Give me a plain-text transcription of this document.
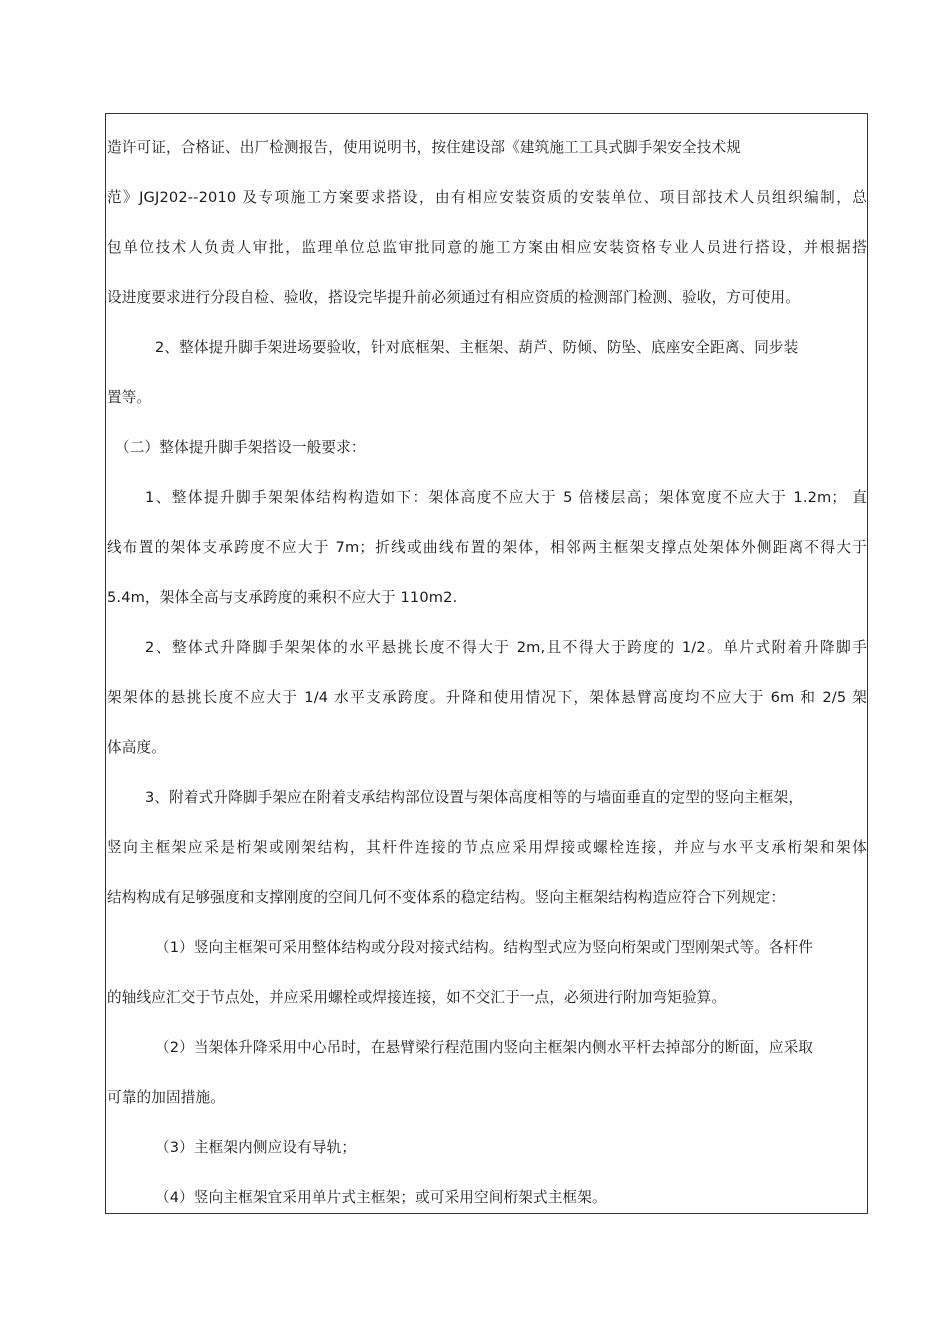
造许可证，合格证、出厂检测报告，使用说明书，按住建设部《建筑施工工具式脚手架安全技术规
范》JGJ202--2010 及专项施工方案要求搭设，由有相应安装资质的安装单位、项目部技术人员组织编制，总
包单位技术人负责人审批，监理单位总监审批同意的施工方案由相应安装资格专业人员进行搭设，并根据搭
设进度要求进行分段自检、验收，搭设完毕提升前必须通过有相应资质的检测部门检测、验收，方可使用。
2、整体提升脚手架进场要验收，针对底框架、主框架、葫芦、防倾、防坠、底座安全距离、同步装
置等。
（二）整体提升脚手架搭设一般要求：
1、整体提升脚手架架体结构构造如下：架体高度不应大于 5 倍楼层高；架体宽度不应大于 1.2m； 直
线布置的架体支承跨度不应大于 7m；折线或曲线布置的架体，相邻两主框架支撑点处架体外侧距离不得大于
5.4m，架体全高与支承跨度的乘积不应大于 110m2.
2、整体式升降脚手架架体的水平悬挑长度不得大于 2m,且不得大于跨度的 1/2。单片式附着升降脚手
架架体的悬挑长度不应大于 1/4 水平支承跨度。升降和使用情况下，架体悬臂高度均不应大于 6m 和 2/5 架
体高度。
3、附着式升降脚手架应在附着支承结构部位设置与架体高度相等的与墙面垂直的定型的竖向主框架，
竖向主框架应采是桁架或刚架结构，其杆件连接的节点应采用焊接或螺栓连接，并应与水平支承桁架和架体
结构构成有足够强度和支撑刚度的空间几何不变体系的稳定结构。竖向主框架结构构造应符合下列规定：
（1）竖向主框架可采用整体结构或分段对接式结构。结构型式应为竖向桁架或门型刚架式等。各杆件
的轴线应汇交于节点处，并应采用螺栓或焊接连接，如不交汇于一点，必须进行附加弯矩验算。
（2）当架体升降采用中心吊时，在悬臂梁行程范围内竖向主框架内侧水平杆去掉部分的断面，应采取
可靠的加固措施。
（3）主框架内侧应设有导轨；
（4）竖向主框架宜采用单片式主框架；或可采用空间桁架式主框架。
